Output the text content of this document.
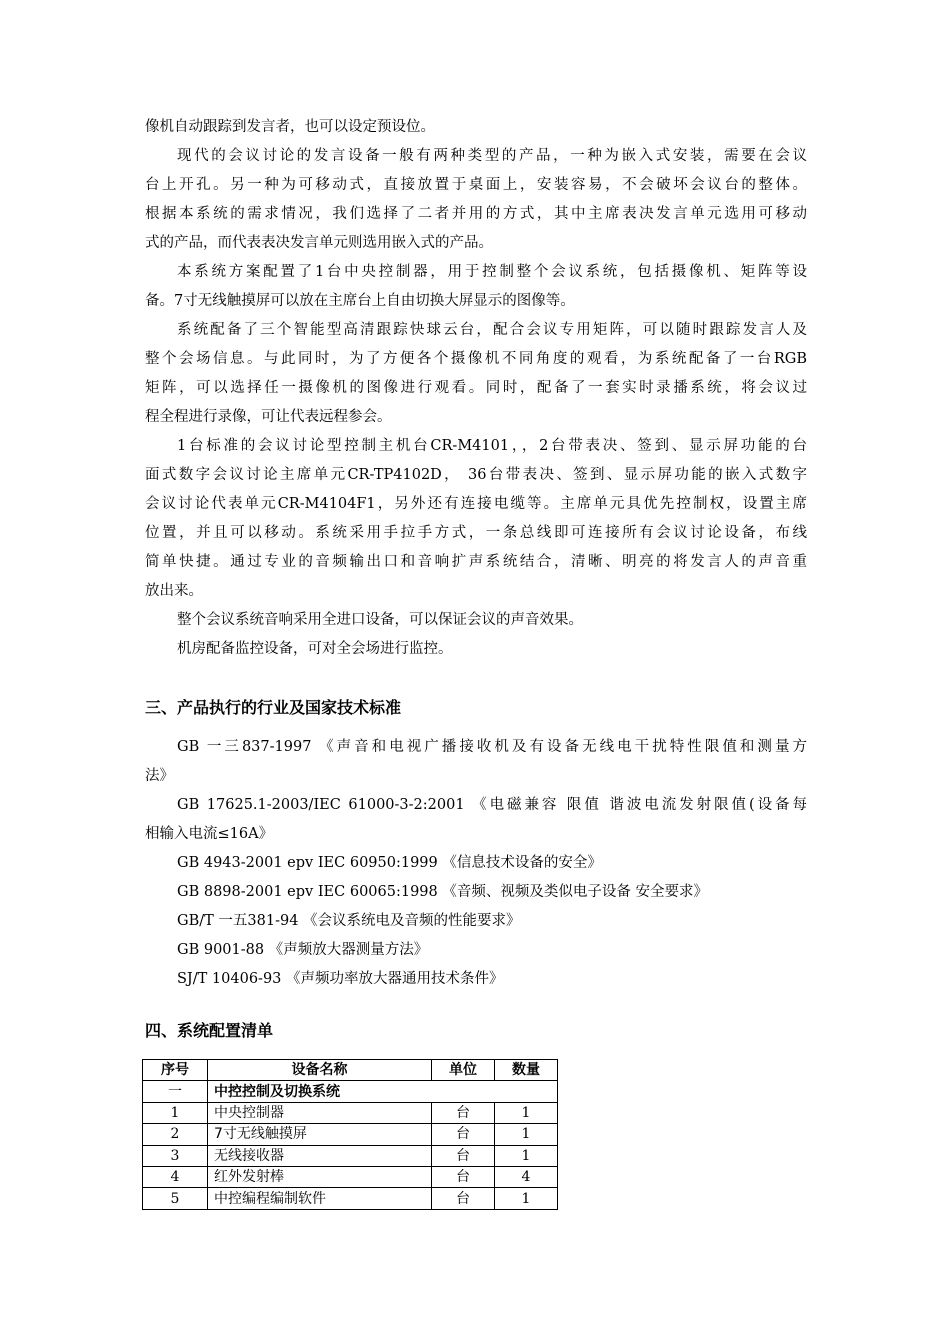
像机自动跟踪到发言者，也可以设定预设位。
现代的会议讨论的发言设备一般有两种类型的产品，一种为嵌入式安装，需要在会议
台上开孔。另一种为可移动式，直接放置于桌面上，安装容易，不会破坏会议台的整体。
根据本系统的需求情况，我们选择了二者并用的方式，其中主席表决发言单元选用可移动
式的产品，而代表表决发言单元则选用嵌入式的产品。
本系统方案配置了1台中央控制器，用于控制整个会议系统，包括摄像机、矩阵等设
备。7寸无线触摸屏可以放在主席台上自由切换大屏显示的图像等。
系统配备了三个智能型高清跟踪快球云台，配合会议专用矩阵，可以随时跟踪发言人及
整个会场信息。与此同时，为了方便各个摄像机不同角度的观看，为系统配备了一台RGB
矩阵，可以选择任一摄像机的图像进行观看。同时，配备了一套实时录播系统，将会议过
程全程进行录像，可让代表远程参会。
1台标准的会议讨论型控制主机台CR-M4101，，2台带表决、签到、显示屏功能的台
面式数字会议讨论主席单元CR-TP4102D， 36台带表决、签到、显示屏功能的嵌入式数字
会议讨论代表单元CR-M4104F1，另外还有连接电缆等。主席单元具优先控制权，设置主席
位置，并且可以移动。系统采用手拉手方式，一条总线即可连接所有会议讨论设备，布线
简单快捷。通过专业的音频输出口和音响扩声系统结合，清晰、明亮的将发言人的声音重
放出来。
整个会议系统音响采用全进口设备，可以保证会议的声音效果。
机房配备监控设备，可对全会场进行监控。
三、产品执行的行业及国家技术标准
GB 一三837-1997 《声音和电视广播接收机及有设备无线电干扰特性限值和测量方
法》
GB 17625.1-2003/IEC 61000-3-2:2001 《电磁兼容 限值 谐波电流发射限值(设备每
相输入电流≤16A》
GB 4943-2001 epv IEC 60950:1999 《信息技术设备的安全》
GB 8898-2001 epv IEC 60065:1998 《音频、视频及类似电子设备 安全要求》
GB/T 一五381-94 《会议系统电及音频的性能要求》
GB 9001-88 《声频放大器测量方法》
SJ/T 10406-93 《声频功率放大器通用技术条件》
四、系统配置清单
序号	设备名称	单位	数量
一	中控控制及切换系统		
1	中央控制器	台	1
2	7寸无线触摸屏	台	1
3	无线接收器	台	1
4	红外发射棒	台	4
5	中控编程编制软件	台	1
